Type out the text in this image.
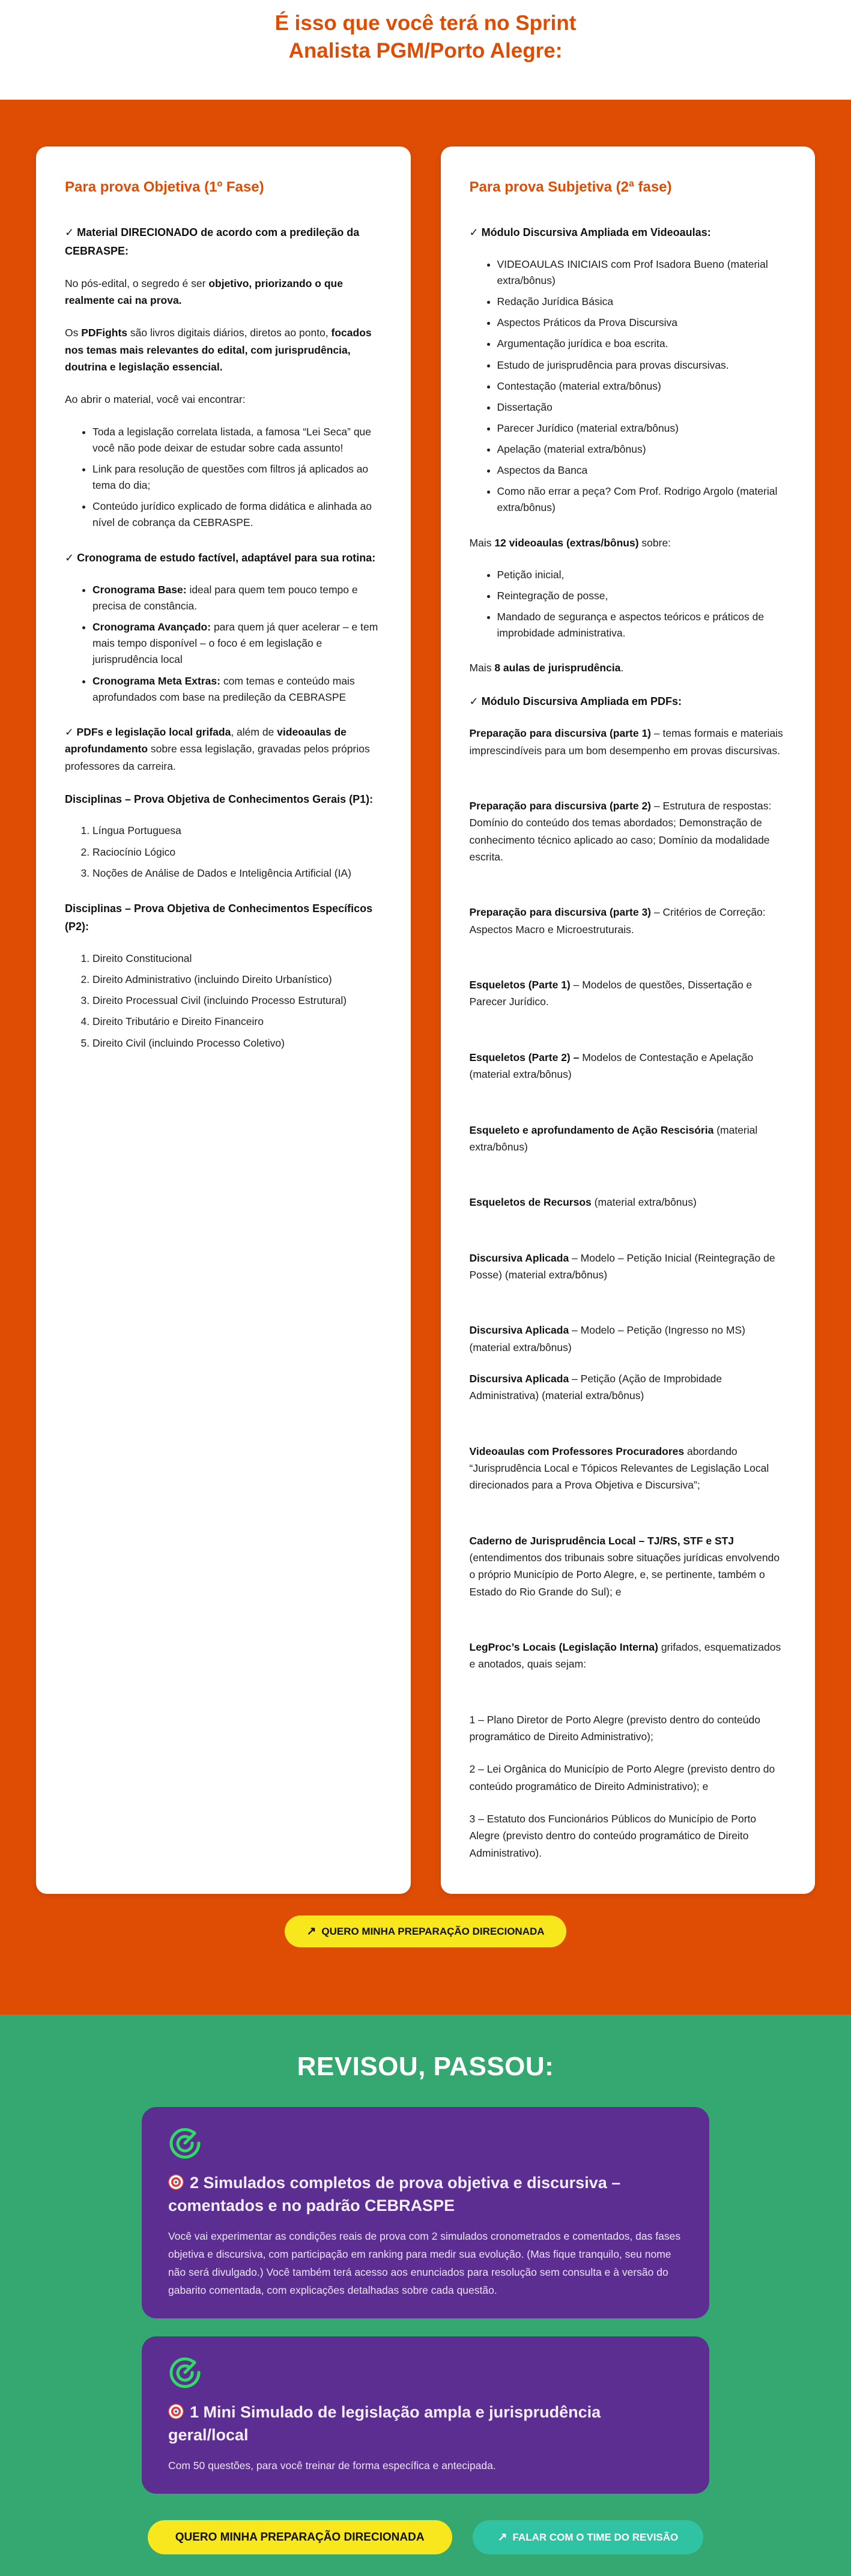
É isso que você terá no Sprint
Analista PGM/Porto Alegre:
Para prova Objetiva (1º Fase)

✓ Material DIRECIONADO de acordo com a predileção da CEBRASPE:

No pós-edital, o segredo é ser objetivo, priorizando o que realmente cai na prova.

Os PDFights são livros digitais diários, diretos ao ponto, focados nos temas mais relevantes do edital, com jurisprudência, doutrina e legislação essencial.

Ao abrir o material, você vai encontrar:

• Toda a legislação correlata listada, a famosa “Lei Seca” que você não pode deixar de estudar sobre cada assunto!
• Link para resolução de questões com filtros já aplicados ao tema do dia;
• Conteúdo jurídico explicado de forma didática e alinhada ao nível de cobrança da CEBRASPE.

✓ Cronograma de estudo factível, adaptável para sua rotina:

• Cronograma Base: ideal para quem tem pouco tempo e precisa de constância.
• Cronograma Avançado: para quem já quer acelerar – e tem mais tempo disponível – o foco é em legislação e jurisprudência local
• Cronograma Meta Extras: com temas e conteúdo mais aprofundados com base na predileção da CEBRASPE

✓ PDFs e legislação local grifada, além de videoaulas de aprofundamento sobre essa legislação, gravadas pelos próprios professores da carreira.

Disciplinas – Prova Objetiva de Conhecimentos Gerais (P1):

1. Língua Portuguesa
2. Raciocínio Lógico
3. Noções de Análise de Dados e Inteligência Artificial (IA)

Disciplinas – Prova Objetiva de Conhecimentos Específicos (P2):

1. Direito Constitucional
2. Direito Administrativo (incluindo Direito Urbanístico)
3. Direito Processual Civil (incluindo Processo Estrutural)
4. Direito Tributário e Direito Financeiro
5. Direito Civil (incluindo Processo Coletivo)
Para prova Subjetiva (2ª fase)

✓ Módulo Discursiva Ampliada em Videoaulas:

• VIDEOAULAS INICIAIS com Prof Isadora Bueno (material extra/bônus)
• Redação Jurídica Básica
• Aspectos Práticos da Prova Discursiva
• Argumentação jurídica e boa escrita.
• Estudo de jurisprudência para provas discursivas.
• Contestação (material extra/bônus)
• Dissertação
• Parecer Jurídico (material extra/bônus)
• Apelação (material extra/bônus)
• Aspectos da Banca
• Como não errar a peça? Com Prof. Rodrigo Argolo (material extra/bônus)

Mais 12 videoaulas (extras/bônus) sobre:

• Petição inicial,
• Reintegração de posse,
• Mandado de segurança e aspectos teóricos e práticos de improbidade administrativa.

Mais 8 aulas de jurisprudência.

✓ Módulo Discursiva Ampliada em PDFs:

Preparação para discursiva (parte 1) – temas formais e materiais imprescindíveis para um bom desempenho em provas discursivas.

Preparação para discursiva (parte 2) – Estrutura de respostas: Domínio do conteúdo dos temas abordados; Demonstração de conhecimento técnico aplicado ao caso; Domínio da modalidade escrita.

Preparação para discursiva (parte 3) – Critérios de Correção: Aspectos Macro e Microestruturais.

Esqueletos (Parte 1) – Modelos de questões, Dissertação e Parecer Jurídico.

Esqueletos (Parte 2) – Modelos de Contestação e Apelação (material extra/bônus)

Esqueleto e aprofundamento de Ação Rescisória (material extra/bônus)

Esqueletos de Recursos (material extra/bônus)

Discursiva Aplicada – Modelo – Petição Inicial (Reintegração de Posse) (material extra/bônus)

Discursiva Aplicada – Modelo – Petição (Ingresso no MS) (material extra/bônus)

Discursiva Aplicada – Petição (Ação de Improbidade Administrativa) (material extra/bônus)

Videoaulas com Professores Procuradores abordando “Jurisprudência Local e Tópicos Relevantes de Legislação Local direcionados para a Prova Objetiva e Discursiva”;

Caderno de Jurisprudência Local – TJ/RS, STF e STJ (entendimentos dos tribunais sobre situações jurídicas envolvendo o próprio Município de Porto Alegre, e, se pertinente, também o Estado do Rio Grande do Sul); e

LegProc’s Locais (Legislação Interna) grifados, esquematizados e anotados, quais sejam:

1 – Plano Diretor de Porto Alegre (previsto dentro do conteúdo programático de Direito Administrativo);

2 – Lei Orgânica do Município de Porto Alegre (previsto dentro do conteúdo programático de Direito Administrativo); e

3 – Estatuto dos Funcionários Públicos do Município de Porto Alegre (previsto dentro do conteúdo programático de Direito Administrativo).

↗ QUERO MINHA PREPARAÇÃO DIRECIONADA
REVISOU, PASSOU:
2 Simulados completos de prova objetiva e discursiva – comentados e no padrão CEBRASPE

Você vai experimentar as condições reais de prova com 2 simulados cronometrados e comentados, das fases objetiva e discursiva, com participação em ranking para medir sua evolução. (Mas fique tranquilo, seu nome não será divulgado.) Você também terá acesso aos enunciados para resolução sem consulta e à versão do gabarito comentada, com explicações detalhadas sobre cada questão.

1 Mini Simulado de legislação ampla e jurisprudência geral/local

Com 50 questões, para você treinar de forma específica e antecipada.

QUERO MINHA PREPARAÇÃO DIRECIONADA	↗ FALAR COM O TIME DO REVISÃO
